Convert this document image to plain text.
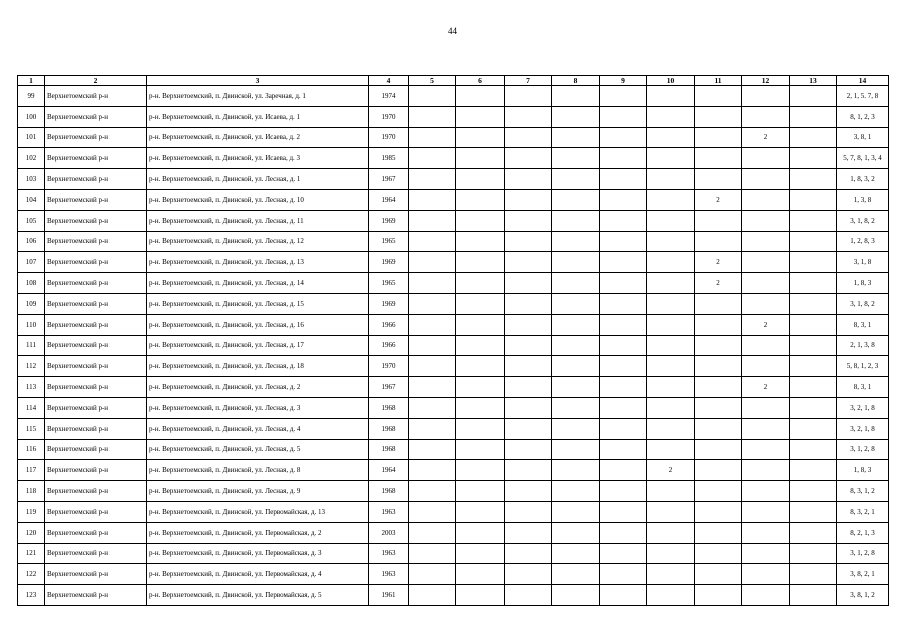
44
1	2	3	4	5	6	7	8	9	10	11	12	13	14
99	Верхнетоемский р-н	р-н. Верхнетоемский, п. Двинской, ул. Заречная, д. 1	1974										2, 1, 5. 7, 8
100	Верхнетоемский р-н	р-н. Верхнетоемский, п. Двинской, ул. Исаева, д. 1	1970										8, 1, 2, 3
101	Верхнетоемский р-н	р-н. Верхнетоемский, п. Двинской, ул. Исаева, д. 2	1970								2		3, 8, 1
102	Верхнетоемский р-н	р-н. Верхнетоемский, п. Двинской, ул. Исаева, д. 3	1985										5, 7, 8, 1, 3, 4
103	Верхнетоемский р-н	р-н. Верхнетоемский, п. Двинской, ул. Лесная, д. 1	1967										1, 8, 3, 2
104	Верхнетоемский р-н	р-н. Верхнетоемский, п. Двинской, ул. Лесная, д. 10	1964							2			1, 3, 8
105	Верхнетоемский р-н	р-н. Верхнетоемский, п. Двинской, ул. Лесная, д. 11	1969										3, 1, 8, 2
106	Верхнетоемский р-н	р-н. Верхнетоемский, п. Двинской, ул. Лесная, д. 12	1965										1, 2, 8, 3
107	Верхнетоемский р-н	р-н. Верхнетоемский, п. Двинской, ул. Лесная, д. 13	1969							2			3, 1, 8
108	Верхнетоемский р-н	р-н. Верхнетоемский, п. Двинской, ул. Лесная, д. 14	1965							2			1, 8, 3
109	Верхнетоемский р-н	р-н. Верхнетоемский, п. Двинской, ул. Лесная, д. 15	1969										3, 1, 8, 2
110	Верхнетоемский р-н	р-н. Верхнетоемский, п. Двинской, ул. Лесная, д. 16	1966								2		8, 3, 1
111	Верхнетоемский р-н	р-н. Верхнетоемский, п. Двинской, ул. Лесная, д. 17	1966										2, 1, 3, 8
112	Верхнетоемский р-н	р-н. Верхнетоемский, п. Двинской, ул. Лесная, д. 18	1970										5, 8, 1, 2, 3
113	Верхнетоемский р-н	р-н. Верхнетоемский, п. Двинской, ул. Лесная, д. 2	1967								2		8, 3, 1
114	Верхнетоемский р-н	р-н. Верхнетоемский, п. Двинской, ул. Лесная, д. 3	1968										3, 2, 1, 8
115	Верхнетоемский р-н	р-н. Верхнетоемский, п. Двинской, ул. Лесная, д. 4	1968										3, 2, 1, 8
116	Верхнетоемский р-н	р-н. Верхнетоемский, п. Двинской, ул. Лесная, д. 5	1968										3, 1, 2, 8
117	Верхнетоемский р-н	р-н. Верхнетоемский, п. Двинской, ул. Лесная, д. 8	1964						2				1, 8, 3
118	Верхнетоемский р-н	р-н. Верхнетоемский, п. Двинской, ул. Лесная, д. 9	1968										8, 3, 1, 2
119	Верхнетоемский р-н	р-н. Верхнетоемский, п. Двинской, ул. Первомайская, д. 13	1963										8, 3, 2, 1
120	Верхнетоемский р-н	р-н. Верхнетоемский, п. Двинской, ул. Первомайская, д. 2	2003										8, 2, 1, 3
121	Верхнетоемский р-н	р-н. Верхнетоемский, п. Двинской, ул. Первомайская, д. 3	1963										3, 1, 2, 8
122	Верхнетоемский р-н	р-н. Верхнетоемский, п. Двинской, ул. Первомайская, д. 4	1963										3, 8, 2, 1
123	Верхнетоемский р-н	р-н. Верхнетоемский, п. Двинской, ул. Первомайская, д. 5	1961										3, 8, 1, 2
